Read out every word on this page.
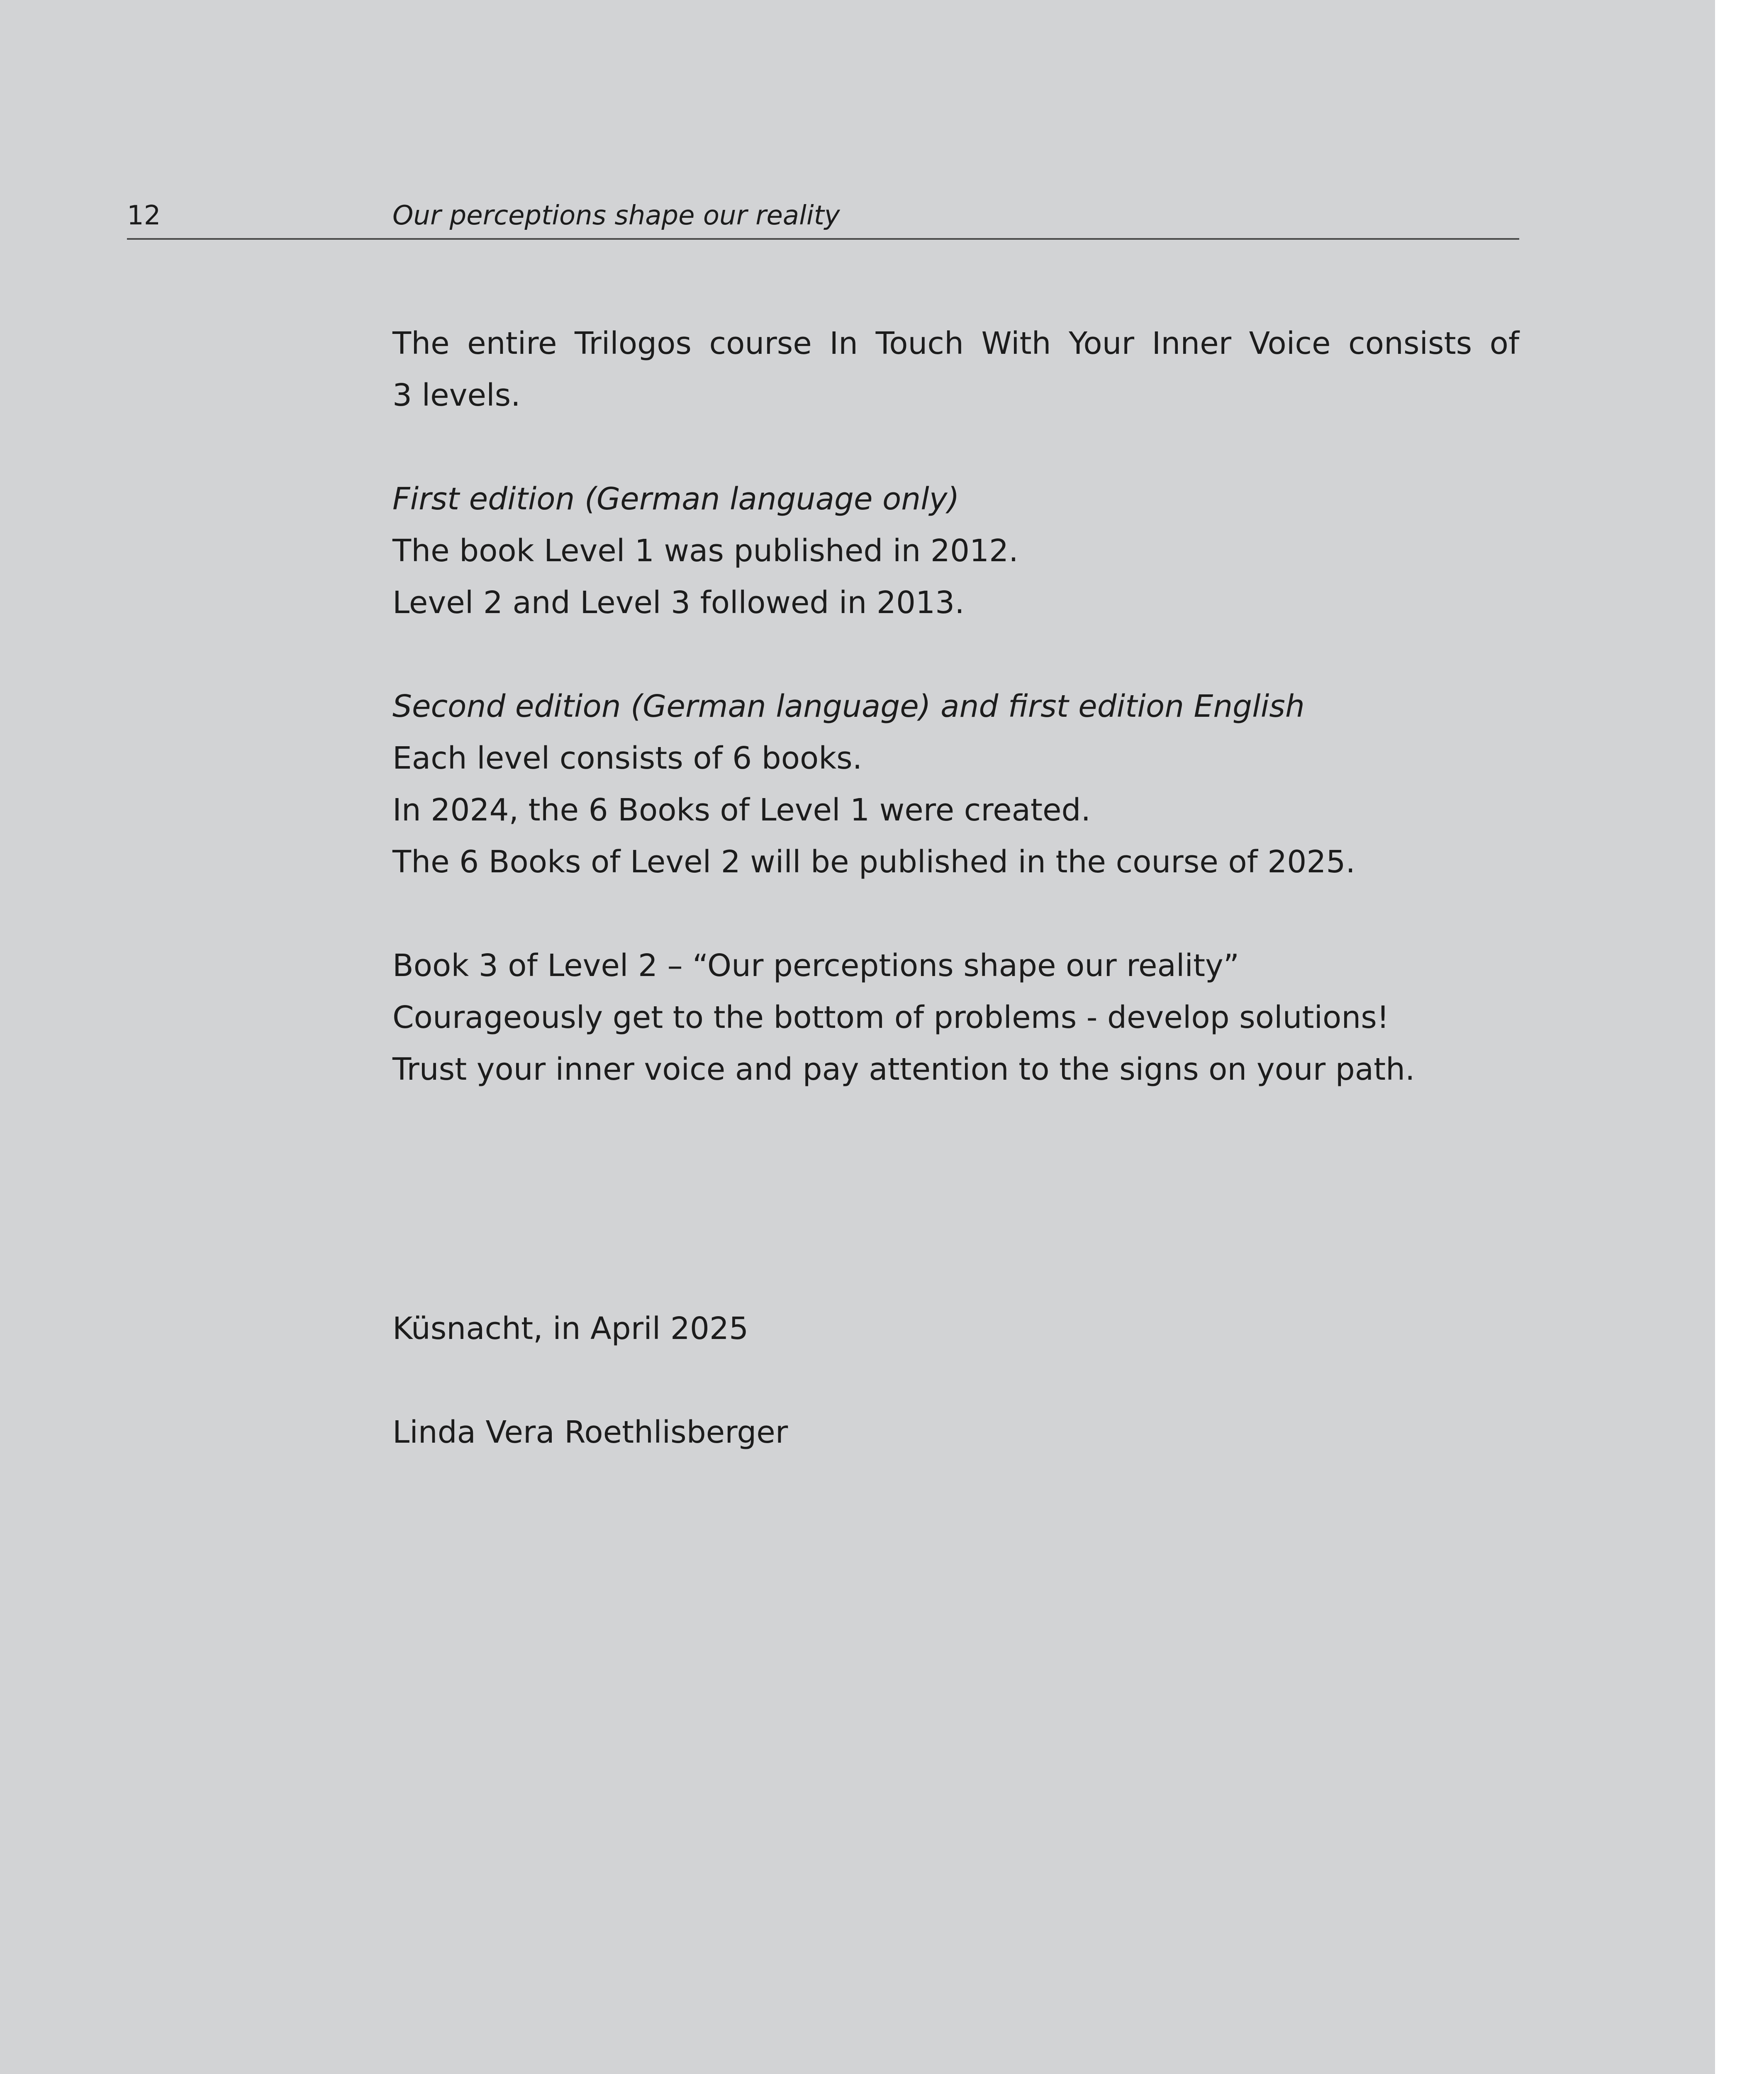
12	Our perceptions shape our reality

The entire Trilogos course In Touch With Your Inner Voice consists of

3 levels.

First edition (German language only)

The book Level 1 was published in 2012.

Level 2 and Level 3 followed in 2013.

Second edition (German language) and first edition English

Each level consists of 6 books.

In 2024, the 6 Books of Level 1 were created.

The 6 Books of Level 2 will be published in the course of 2025.

Book 3 of Level 2 – “Our perceptions shape our reality”

Courageously get to the bottom of problems - develop solutions!

Trust your inner voice and pay attention to the signs on your path.

Küsnacht, in April 2025

Linda Vera Roethlisberger
